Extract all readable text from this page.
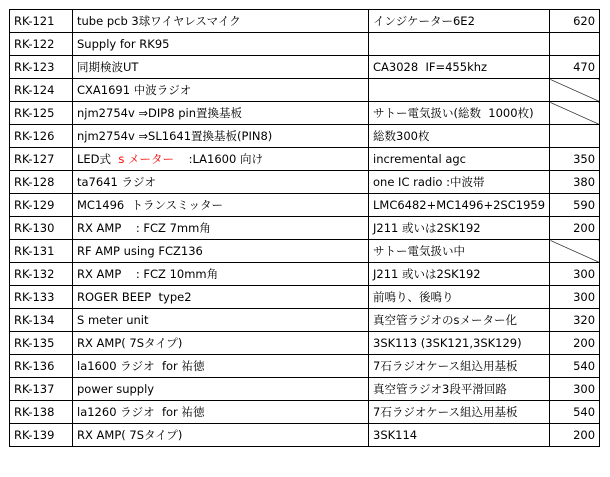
RK-121	tube pcb 3球ワイヤレスマイク	インジケーター6E2	620
RK-122	Supply for RK95		
RK-123	同期検波UT	CA3028  IF=455khz	470
RK-124	CXA1691 中波ラジオ		
RK-125	njm2754v ⇒DIP8 pin置換基板	サトー電気扱い(総数  1000枚)	
RK-126	njm2754v ⇒SL1641置換基板(PIN8)	総数300枚	
RK-127	LED式  s メーター    :LA1600 向け	incremental agc	350
RK-128	ta7641 ラジオ	one IC radio :中波帯	380
RK-129	MC1496  トランスミッター	LMC6482+MC1496+2SC1959	590
RK-130	RX AMP    : FCZ 7mm角	J211 或いは2SK192	200
RK-131	RF AMP using FCZ136	サトー電気扱い中	
RK-132	RX AMP    : FCZ 10mm角	J211 或いは2SK192	300
RK-133	ROGER BEEP  type2	前鳴り、後鳴り	300
RK-134	S meter unit	真空管ラジオのsメーター化	320
RK-135	RX AMP( 7Sタイプ)	3SK113 (3SK121,3SK129)	200
RK-136	la1600 ラジオ  for 祐徳	7石ラジオケース組込用基板	540
RK-137	power supply	真空管ラジオ3段平滑回路	300
RK-138	la1260 ラジオ  for 祐徳	7石ラジオケース組込用基板	540
RK-139	RX AMP( 7Sタイプ)	3SK114	200
